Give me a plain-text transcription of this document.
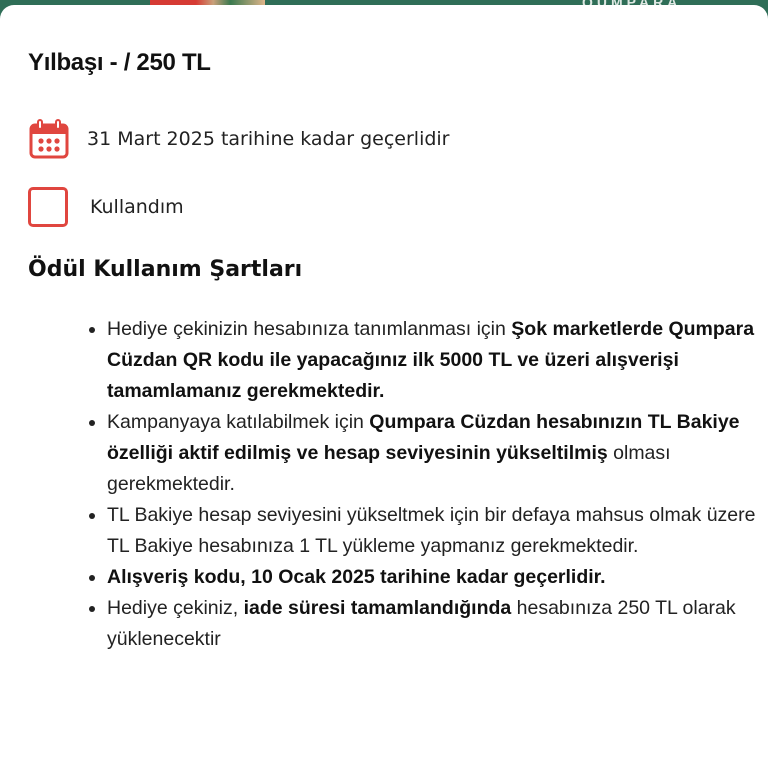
Yılbaşı - / 250 TL
31 Mart 2025 tarihine kadar geçerlidir
Kullandım
Ödül Kullanım Şartları
• Hediye çekinizin hesabınıza tanımlanması için Şok marketlerde Qumpara Cüzdan QR kodu ile yapacağınız ilk 5000 TL ve üzeri alışverişi tamamlamanız gerekmektedir.
• Kampanyaya katılabilmek için Qumpara Cüzdan hesabınızın TL Bakiye özelliği aktif edilmiş ve hesap seviyesinin yükseltilmiş olması gerekmektedir.
• TL Bakiye hesap seviyesini yükseltmek için bir defaya mahsus olmak üzere TL Bakiye hesabınıza 1 TL yükleme yapmanız gerekmektedir.
• Alışveriş kodu, 10 Ocak 2025 tarihine kadar geçerlidir.
• Hediye çekiniz, iade süresi tamamlandığında hesabınıza 250 TL olarak yüklenecektir
